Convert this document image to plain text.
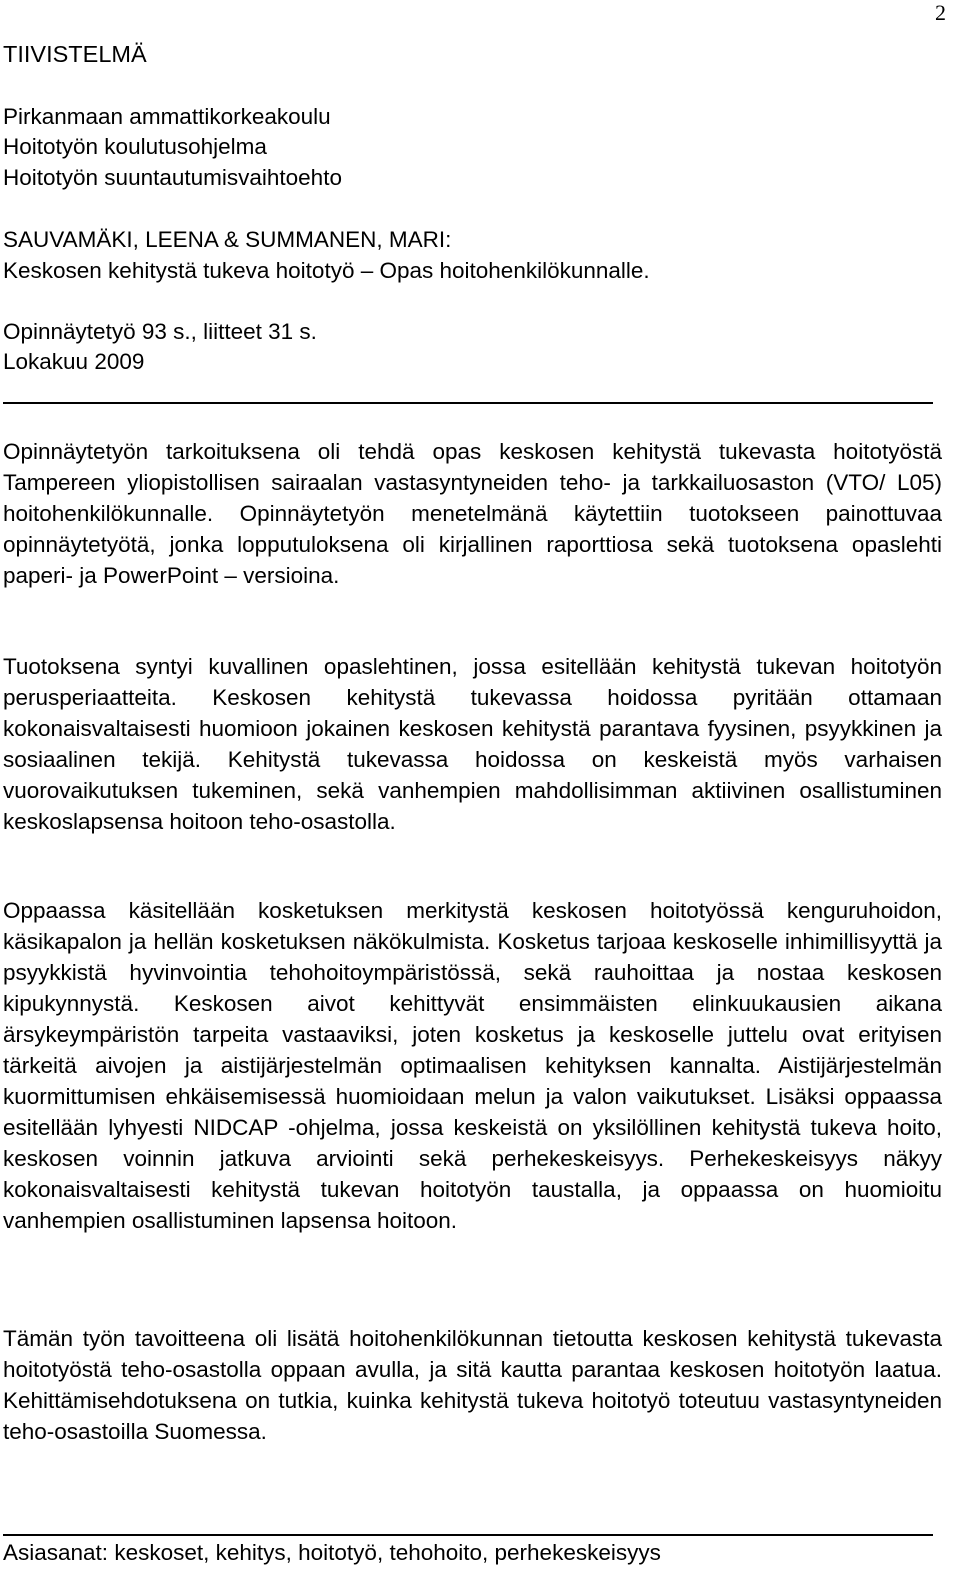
2
TIIVISTELMÄ
Pirkanmaan ammattikorkeakoulu
Hoitotyön koulutusohjelma
Hoitotyön suuntautumisvaihtoehto
SAUVAMÄKI, LEENA & SUMMANEN, MARI:
Keskosen kehitystä tukeva hoitotyö – Opas hoitohenkilökunnalle.
Opinnäytetyö 93 s., liitteet 31 s.
Lokakuu 2009

Opinnäytetyön tarkoituksena oli tehdä opas keskosen kehitystä tukevasta hoitotyöstä Tampereen yliopistollisen sairaalan vastasyntyneiden teho- ja tarkkailuosaston (VTO/ L05) hoitohenkilökunnalle. Opinnäytetyön menetelmänä käytettiin tuotokseen painottuvaa opinnäytetyötä, jonka lopputuloksena oli kirjallinen raporttiosa sekä tuotoksena opaslehti paperi- ja PowerPoint – versioina.

Tuotoksena syntyi kuvallinen opaslehtinen, jossa esitellään kehitystä tukevan hoitotyön perusperiaatteita. Keskosen kehitystä tukevassa hoidossa pyritään ottamaan kokonaisvaltaisesti huomioon jokainen keskosen kehitystä parantava fyysinen, psyykkinen ja sosiaalinen tekijä. Kehitystä tukevassa hoidossa on keskeistä myös varhaisen vuorovaikutuksen tukeminen, sekä vanhempien mahdollisimman aktiivinen osallistuminen keskoslapsensa hoitoon teho-osastolla.

Oppaassa käsitellään kosketuksen merkitystä keskosen hoitotyössä kenguruhoidon, käsikapalon ja hellän kosketuksen näkökulmista. Kosketus tarjoaa keskoselle inhimillisyyttä ja psyykkistä hyvinvointia tehohoitoympäristössä, sekä rauhoittaa ja nostaa keskosen kipukynnystä. Keskosen aivot kehittyvät ensimmäisten elinkuukausien aikana ärsykeympäristön tarpeita vastaaviksi, joten kosketus ja keskoselle juttelu ovat erityisen tärkeitä aivojen ja aistijärjestelmän optimaalisen kehityksen kannalta. Aistijärjestelmän kuormittumisen ehkäisemisessä huomioidaan melun ja valon vaikutukset. Lisäksi oppaassa esitellään lyhyesti NIDCAP -ohjelma, jossa keskeistä on yksilöllinen kehitystä tukeva hoito, keskosen voinnin jatkuva arviointi sekä perhekeskeisyys. Perhekeskeisyys näkyy kokonaisvaltaisesti kehitystä tukevan hoitotyön taustalla, ja oppaassa on huomioitu vanhempien osallistuminen lapsensa hoitoon.

Tämän työn tavoitteena oli lisätä hoitohenkilökunnan tietoutta keskosen kehitystä tukevasta hoitotyöstä teho-osastolla oppaan avulla, ja sitä kautta parantaa keskosen hoitotyön laatua. Kehittämisehdotuksena on tutkia, kuinka kehitystä tukeva hoitotyö toteutuu vastasyntyneiden teho-osastoilla Suomessa.

Asiasanat: keskoset, kehitys, hoitotyö, tehohoito, perhekeskeisyys
